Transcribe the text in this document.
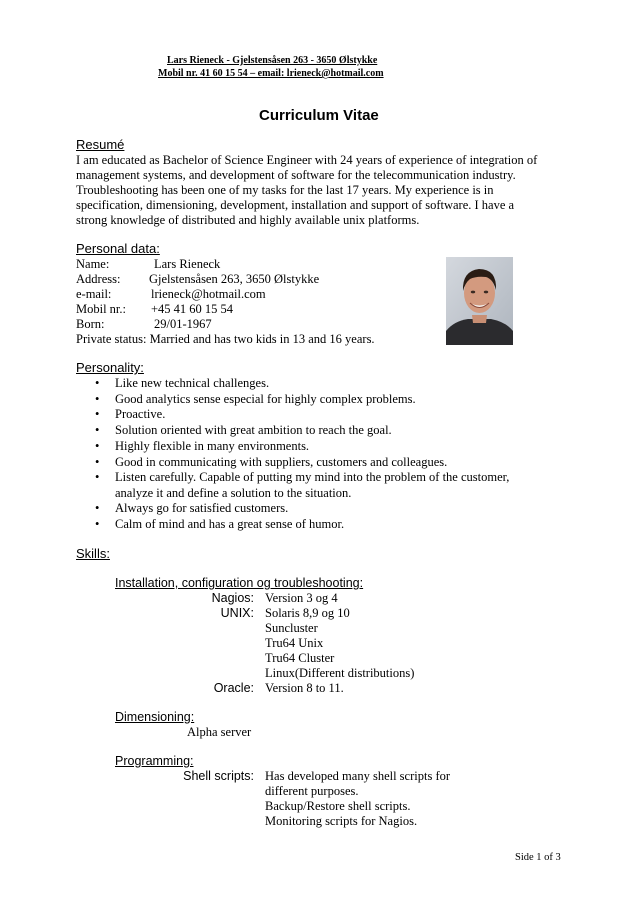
Lars Rieneck - Gjelstensåsen 263 - 3650 Ølstykke
Mobil nr. 41 60 15 54 – email: lrieneck@hotmail.com
Curriculum Vitae
Resumé
I am educated as Bachelor of Science Engineer with 24 years of experience of integration of
management systems, and development of software for the telecommunication industry.
Troubleshooting has been one of my tasks for the last 17 years. My experience is in
specification, dimensioning, development, installation and support of software. I have a
strong knowledge of distributed and highly available unix platforms.
Personal data:
Name:	Lars Rieneck
Address: Gjelstensåsen 263, 3650 Ølstykke
e-mail:	lrieneck@hotmail.com
Mobil nr.: +45 41 60 15 54
Born:	29/01-1967
Private status: Married and has two kids in 13 and 16 years.
Personality:
• Like new technical challenges.
• Good analytics sense especial for highly complex problems.
• Proactive.
• Solution oriented with great ambition to reach the goal.
• Highly flexible in many environments.
• Good in communicating with suppliers, customers and colleagues.
• Listen carefully. Capable of putting my mind into the problem of the customer,
analyze it and define a solution to the situation.
• Always go for satisfied customers.
• Calm of mind and has a great sense of humor.
Skills:
Installation, configuration og troubleshooting:
Nagios: Version 3 og 4
UNIX: Solaris 8,9 og 10
Suncluster
Tru64 Unix
Tru64 Cluster
Linux(Different distributions)
Oracle: Version 8 to 11.
Dimensioning:
Alpha server
Programming:
Shell scripts: Has developed many shell scripts for
different purposes.
Backup/Restore shell scripts.
Monitoring scripts for Nagios.
Side 1 of 3
